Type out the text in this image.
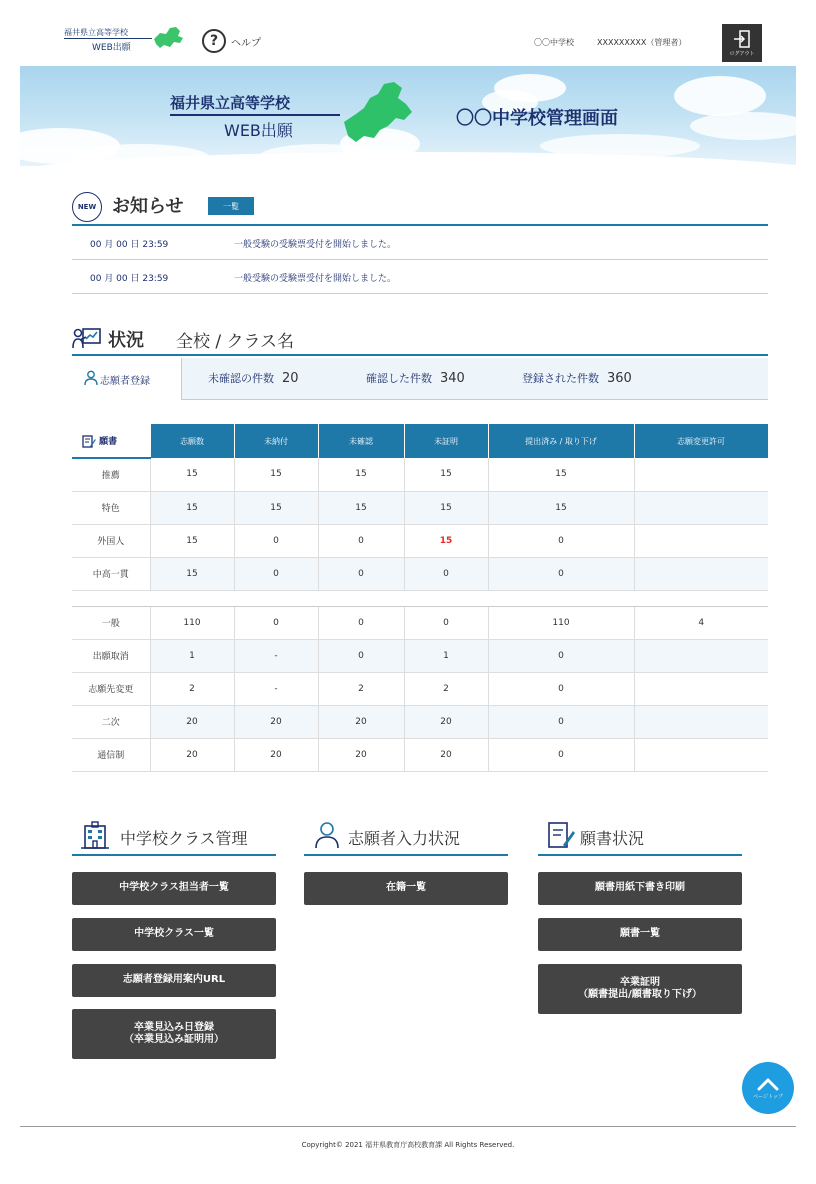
福井県立高等学校
WEB出願	?	ヘルプ	〇〇中学校	XXXXXXXXX（管理者）
ログアウト
福井県立高等学校
WEB出願
〇〇中学校管理画面
NEW お知らせ	一覧
00 月 00 日 23:59	一般受験の受験票受付を開始しました。
00 月 00 日 23:59	一般受験の受験票受付を開始しました。
状況 全校 / クラス名
志願者登録	未確認の件数 20	確認した件数 340	登録された件数 360
願書	志願数	未納付	未確認	未証明	提出済み / 取り下げ	志願変更許可
推薦	15	15	15	15	15	
特色	15	15	15	15	15	
外国人	15	0	0	15	0	
中高一貫	15	0	0	0	0	

一般	110	0	0	0	110	4
出願取消	1	-	0	1	0	
志願先変更	2	-	2	2	0	
二次	20	20	20	20	0	
通信制	20	20	20	20	0	
中学校クラス管理	志願者入力状況	願書状況
中学校クラス担当者一覧
中学校クラス一覧
志願者登録用案内URL
卒業見込み日登録
（卒業見込み証明用）
在籍一覧	願書用紙下書き印刷
願書一覧
卒業証明
（願書提出/願書取り下げ）
ページトップ
Copyright© 2021 福井県教育庁高校教育課 All Rights Reserved.
